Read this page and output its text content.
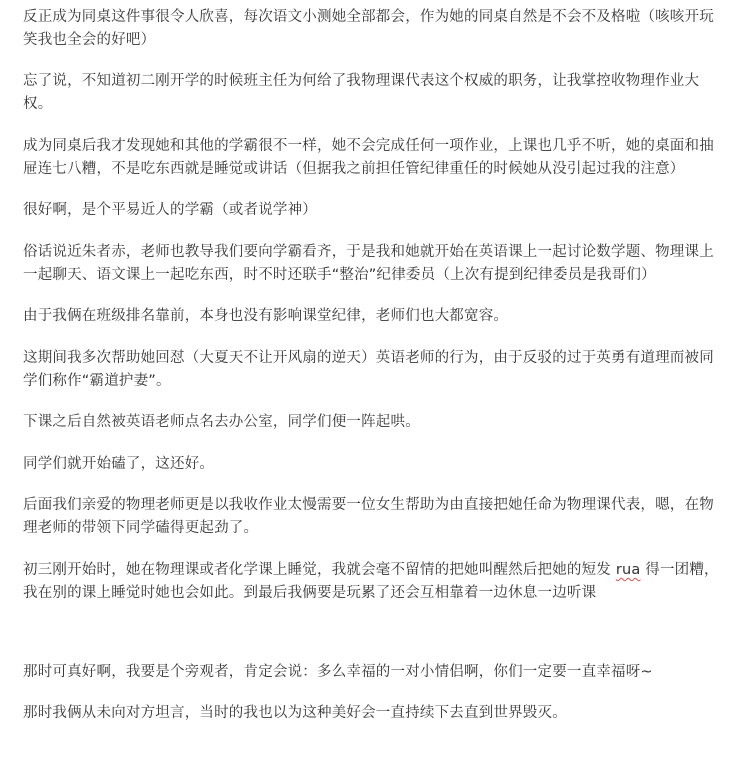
反正成为同桌这件事很令人欣喜，每次语文小测她全部都会，作为她的同桌自然是不会不及格啦（咳咳开玩笑我也全会的好吧）

忘了说，不知道初二刚开学的时候班主任为何给了我物理课代表这个权威的职务，让我掌控收物理作业大权。

成为同桌后我才发现她和其他的学霸很不一样，她不会完成任何一项作业，上课也几乎不听，她的桌面和抽屉连七八糟，不是吃东西就是睡觉或讲话（但据我之前担任管纪律重任的时候她从没引起过我的注意）

很好啊，是个平易近人的学霸（或者说学神）

俗话说近朱者赤，老师也教导我们要向学霸看齐，于是我和她就开始在英语课上一起讨论数学题、物理课上一起聊天、语文课上一起吃东西，时不时还联手“整治”纪律委员（上次有提到纪律委员是我哥们）

由于我俩在班级排名靠前，本身也没有影响课堂纪律，老师们也大都宽容。

这期间我多次帮助她回怼（大夏天不让开风扇的逆天）英语老师的行为，由于反驳的过于英勇有道理而被同学们称作“霸道护妻”。

下课之后自然被英语老师点名去办公室，同学们便一阵起哄。

同学们就开始磕了，这还好。

后面我们亲爱的物理老师更是以我收作业太慢需要一位女生帮助为由直接把她任命为物理课代表，嗯，在物理老师的带领下同学磕得更起劲了。

初三刚开始时，她在物理课或者化学课上睡觉，我就会毫不留情的把她叫醒然后把她的短发 rua 得一团糟，我在别的课上睡觉时她也会如此。到最后我俩要是玩累了还会互相靠着一边休息一边听课

那时可真好啊，我要是个旁观者，肯定会说：多么幸福的一对小情侣啊，你们一定要一直幸福呀~

那时我俩从未向对方坦言，当时的我也以为这种美好会一直持续下去直到世界毁灭。
